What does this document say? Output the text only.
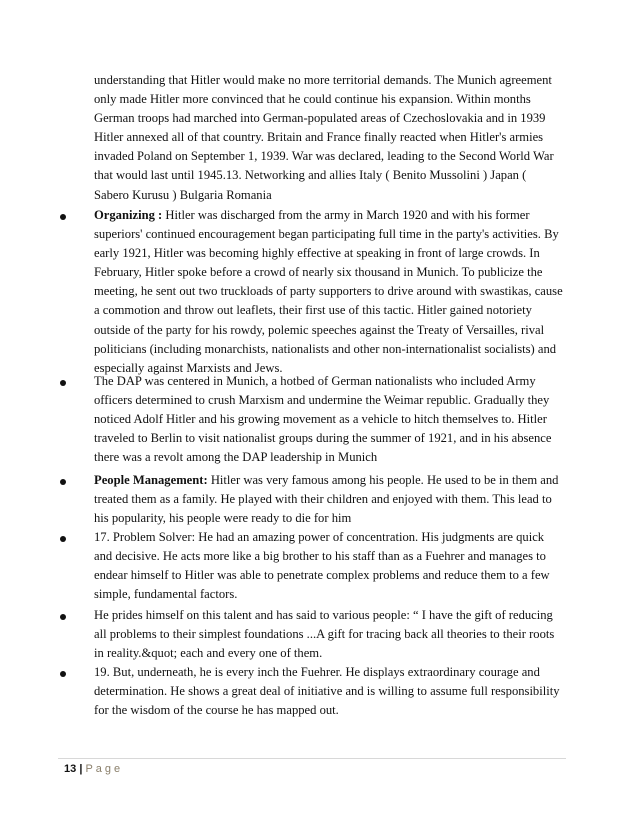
understanding that Hitler would make no more territorial demands. The Munich agreement only made Hitler more convinced that he could continue his expansion. Within months German troops had marched into German-populated areas of Czechoslovakia and in 1939 Hitler annexed all of that country. Britain and France finally reacted when Hitler's armies invaded Poland on September 1, 1939. War was declared, leading to the Second World War that would last until 1945.13. Networking and allies Italy ( Benito Mussolini ) Japan ( Sabero Kurusu ) Bulgaria Romania

Organizing : Hitler was discharged from the army in March 1920 and with his former superiors' continued encouragement began participating full time in the party's activities. By early 1921, Hitler was becoming highly effective at speaking in front of large crowds. In February, Hitler spoke before a crowd of nearly six thousand in Munich. To publicize the meeting, he sent out two truckloads of party supporters to drive around with swastikas, cause a commotion and throw out leaflets, their first use of this tactic. Hitler gained notoriety outside of the party for his rowdy, polemic speeches against the Treaty of Versailles, rival politicians (including monarchists, nationalists and other non-internationalist socialists) and especially against Marxists and Jews.

The DAP was centered in Munich, a hotbed of German nationalists who included Army officers determined to crush Marxism and undermine the Weimar republic. Gradually they noticed Adolf Hitler and his growing movement as a vehicle to hitch themselves to. Hitler traveled to Berlin to visit nationalist groups during the summer of 1921, and in his absence there was a revolt among the DAP leadership in Munich

People Management: Hitler was very famous among his people. He used to be in them and treated them as a family. He played with their children and enjoyed with them. This lead to his popularity, his people were ready to die for him

17. Problem Solver: He had an amazing power of concentration. His judgments are quick and decisive. He acts more like a big brother to his staff than as a Fuehrer and manages to endear himself to Hitler was able to penetrate complex problems and reduce them to a few simple, fundamental factors.

He prides himself on this talent and has said to various people: “ I have the gift of reducing all problems to their simplest foundations ...A gift for tracing back all theories to their roots in reality.&quot; each and every one of them.

19. But, underneath, he is every inch the Fuehrer. He displays extraordinary courage and determination. He shows a great deal of initiative and is willing to assume full responsibility for the wisdom of the course he has mapped out.

13 | Page
